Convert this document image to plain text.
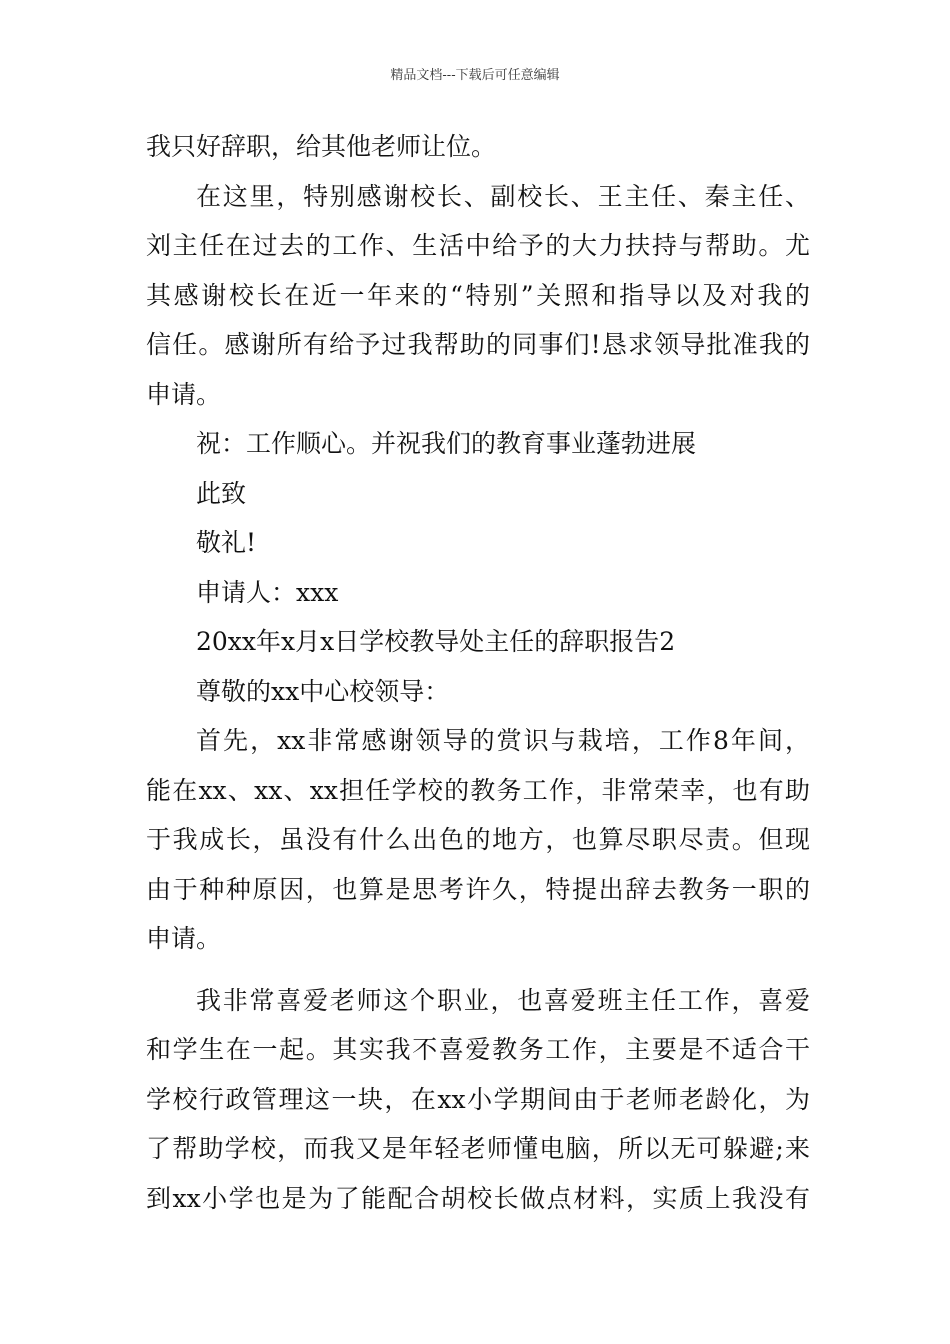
精品文档---下载后可任意编辑
我只好辞职，给其他老师让位。
在这里，特别感谢校长、副校长、王主任、秦主任、
刘主任在过去的工作、生活中给予的大力扶持与帮助。尤
其感谢校长在近一年来的“特别”关照和指导以及对我的
信任。感谢所有给予过我帮助的同事们!恳求领导批准我的
申请。
祝：工作顺心。并祝我们的教育事业蓬勃进展
此致
敬礼!
申请人：xxx
20xx年x月x日学校教导处主任的辞职报告2
尊敬的xx中心校领导：
首先，xx非常感谢领导的赏识与栽培，工作8年间，
能在xx、xx、xx担任学校的教务工作，非常荣幸，也有助
于我成长，虽没有什么出色的地方，也算尽职尽责。但现
由于种种原因，也算是思考许久，特提出辞去教务一职的
申请。
我非常喜爱老师这个职业，也喜爱班主任工作，喜爱
和学生在一起。其实我不喜爱教务工作，主要是不适合干
学校行政管理这一块，在xx小学期间由于老师老龄化，为
了帮助学校，而我又是年轻老师懂电脑，所以无可躲避;来
到xx小学也是为了能配合胡校长做点材料，实质上我没有
